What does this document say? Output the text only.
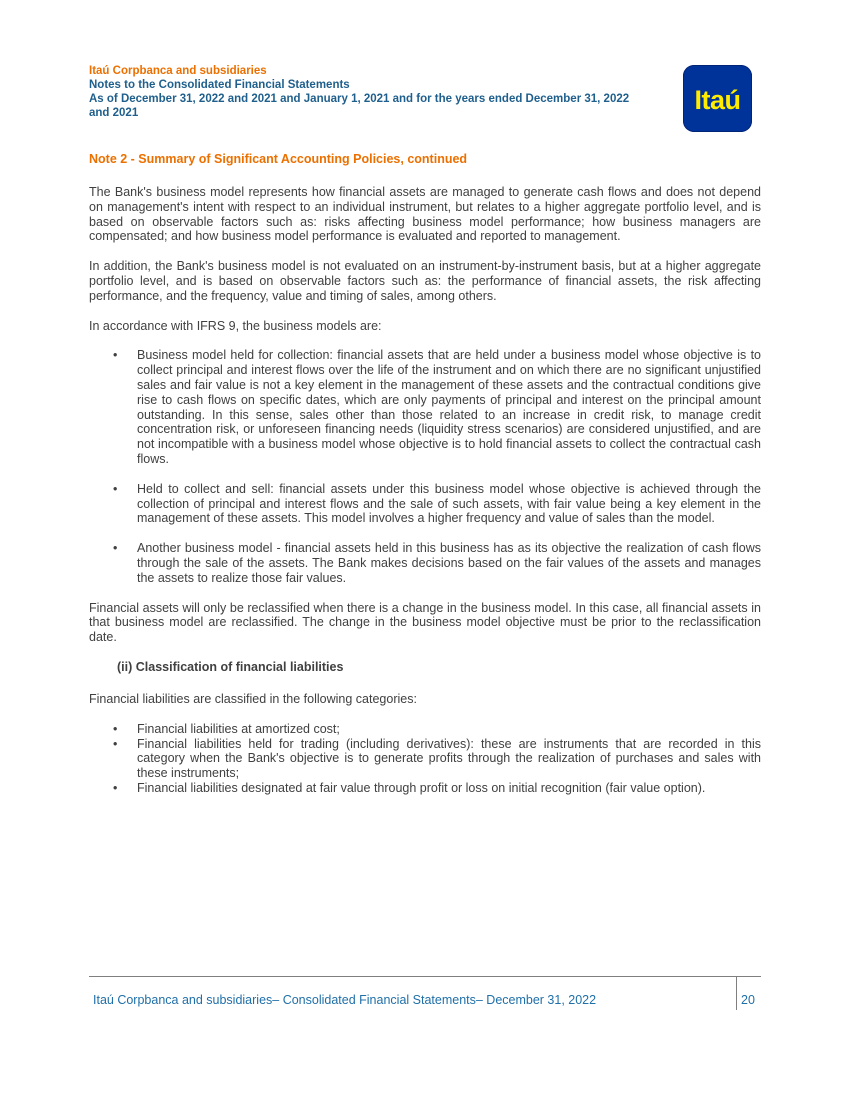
Itaú Corpbanca and subsidiaries

Notes to the Consolidated Financial Statements

As of December 31, 2022 and 2021 and January 1, 2021 and for the years ended December 31, 2022

and 2021	Itaú

Note 2 - Summary of Significant Accounting Policies, continued

The Bank's business model represents how financial assets are managed to generate cash flows and does not depend on management's intent with respect to an individual instrument, but relates to a higher aggregate portfolio level, and is based on observable factors such as: risks affecting business model performance; how business managers are compensated; and how business model performance is evaluated and reported to management.

In addition, the Bank's business model is not evaluated on an instrument-by-instrument basis, but at a higher aggregate portfolio level, and is based on observable factors such as: the performance of financial assets, the risk affecting performance, and the frequency, value and timing of sales, among others.

In accordance with IFRS 9, the business models are:

• Business model held for collection: financial assets that are held under a business model whose objective is to collect principal and interest flows over the life of the instrument and on which there are no significant unjustified sales and fair value is not a key element in the management of these assets and the contractual conditions give rise to cash flows on specific dates, which are only payments of principal and interest on the principal amount outstanding. In this sense, sales other than those related to an increase in credit risk, to manage credit concentration risk, or unforeseen financing needs (liquidity stress scenarios) are considered unjustified, and are not incompatible with a business model whose objective is to hold financial assets to collect the contractual cash flows.
• Held to collect and sell: financial assets under this business model whose objective is achieved through the collection of principal and interest flows and the sale of such assets, with fair value being a key element in the management of these assets. This model involves a higher frequency and value of sales than the model.
• Another business model - financial assets held in this business has as its objective the realization of cash flows through the sale of the assets. The Bank makes decisions based on the fair values of the assets and manages the assets to realize those fair values.

Financial assets will only be reclassified when there is a change in the business model. In this case, all financial assets in that business model are reclassified. The change in the business model objective must be prior to the reclassification date.

(ii) Classification of financial liabilities

Financial liabilities are classified in the following categories:

• Financial liabilities at amortized cost;
• Financial liabilities held for trading (including derivatives): these are instruments that are recorded in this category when the Bank's objective is to generate profits through the realization of purchases and sales with these instruments;
• Financial liabilities designated at fair value through profit or loss on initial recognition (fair value option).
Itaú Corpbanca and subsidiaries– Consolidated Financial Statements– December 31, 2022	20
